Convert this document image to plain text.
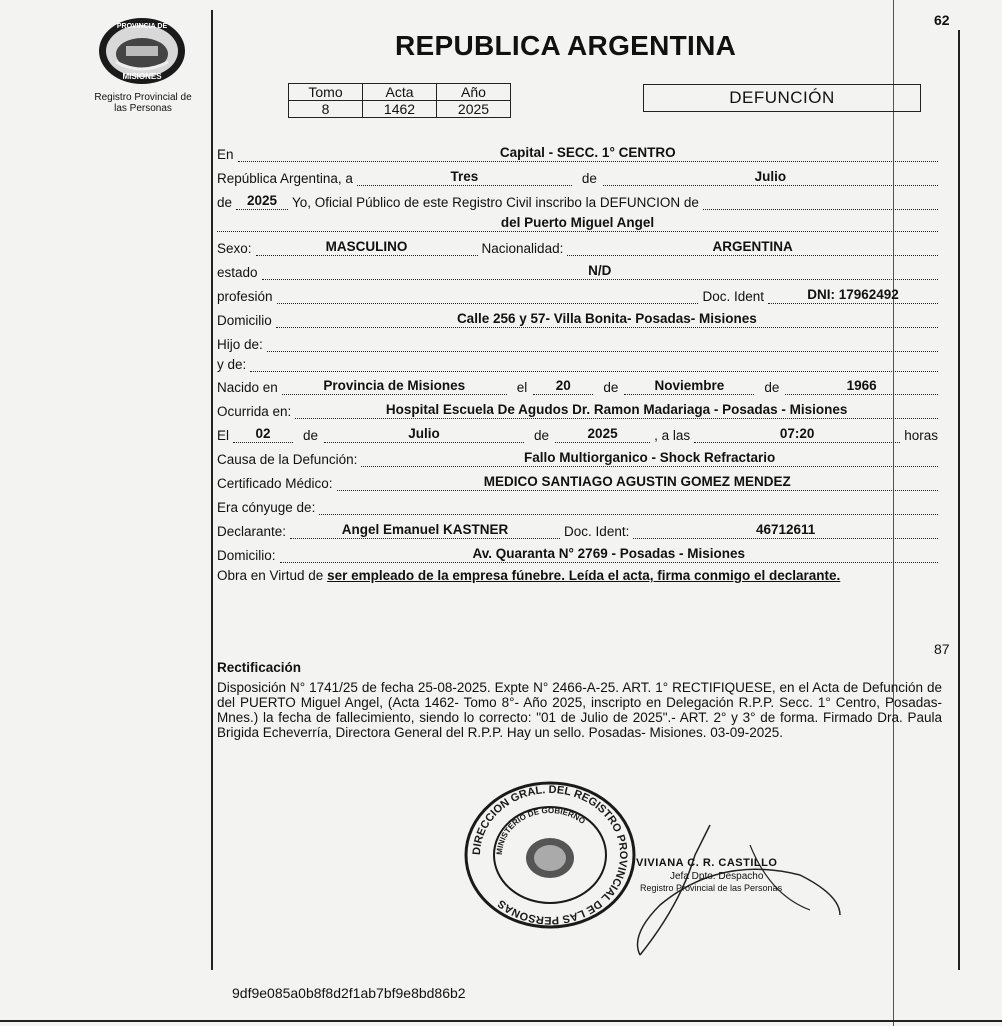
PROVINCIA DE
MISIONES
Registro Provincial de
las Personas
REPUBLICA ARGENTINA
62
Tomo	Acta	Año
8	1462	2025
DEFUNCIÓN
En	Capital - SECC. 1° CENTRO
República Argentina, a	Tres	de	Julio
de	2025	Yo, Oficial Público de este Registro Civil inscribo la DEFUNCION de
del Puerto Miguel Angel
Sexo:	MASCULINO	Nacionalidad:	ARGENTINA
estado	N/D
profesión	Doc. Ident	DNI: 17962492
Domicilio	Calle 256 y 57- Villa Bonita- Posadas- Misiones
Hijo de:
y de:
Nacido en	Provincia de Misiones	el	20	de	Noviembre	de	1966
Ocurrida en:	Hospital Escuela De Agudos Dr. Ramon Madariaga - Posadas - Misiones
El	02	de	Julio	de	2025	, a las	07:20	horas
Causa de la Defunción:	Fallo Multiorganico - Shock Refractario
Certificado Médico:	MEDICO SANTIAGO AGUSTIN GOMEZ MENDEZ
Era cónyuge de:
Declarante:	Angel Emanuel KASTNER	Doc. Ident:	46712611
Domicilio:	Av. Quaranta N° 2769 - Posadas - Misiones
Obra en Virtud de ser empleado de la empresa fúnebre. Leída el acta, firma conmigo el declarante.
87
Rectificación
Disposición N° 1741/25 de fecha 25-08-2025. Expte N° 2466-A-25. ART. 1° RECTIFIQUESE, en el Acta de Defunción de del PUERTO Miguel Angel, (Acta 1462- Tomo 8°- Año 2025, inscripto en Delegación R.P.P. Secc. 1° Centro, Posadas- Mnes.) la fecha de fallecimiento, siendo lo correcto: "01 de Julio de 2025".- ART. 2° y 3° de forma. Firmado Dra. Paula Brigida Echeverría, Directora General del R.P.P. Hay un sello. Posadas- Misiones. 03-09-2025.
DIRECCION GRAL. DEL REGISTRO PROVINCIAL DE LAS PERSONAS
MINISTERIO DE GOBIERNO
VIVIANA C. R. CASTILLO
Jefa Dpto. Despacho
Registro Provincial de las Personas
9df9e085a0b8f8d2f1ab7bf9e8bd86b2
